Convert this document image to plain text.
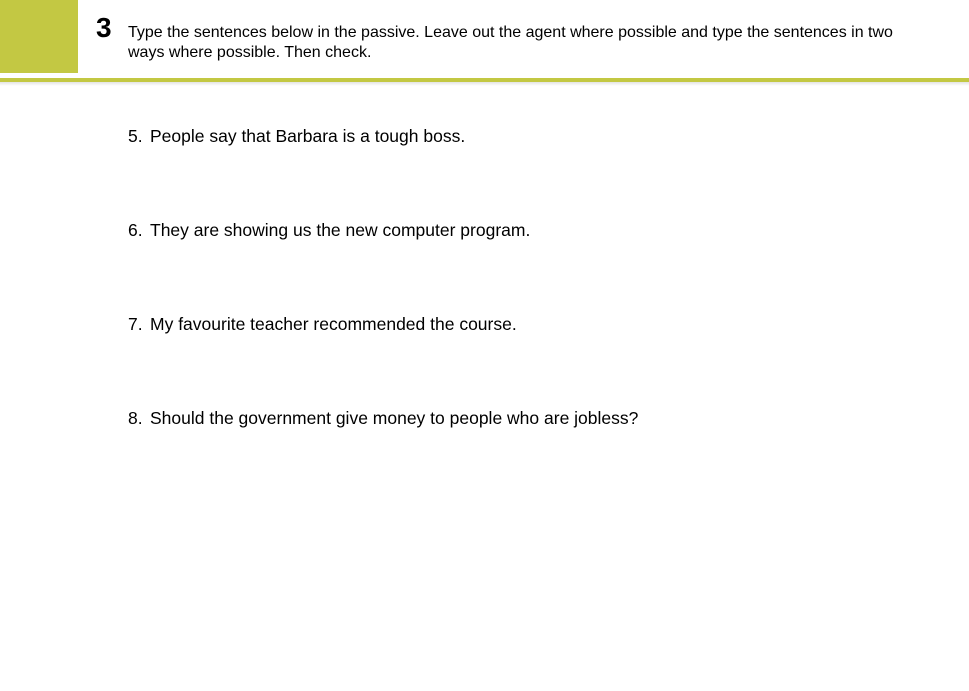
3 Type the sentences below in the passive. Leave out the agent where possible and type the sentences in two ways where possible. Then check.
5. People say that Barbara is a tough boss.
6. They are showing us the new computer program.
7. My favourite teacher recommended the course.
8. Should the government give money to people who are jobless?
